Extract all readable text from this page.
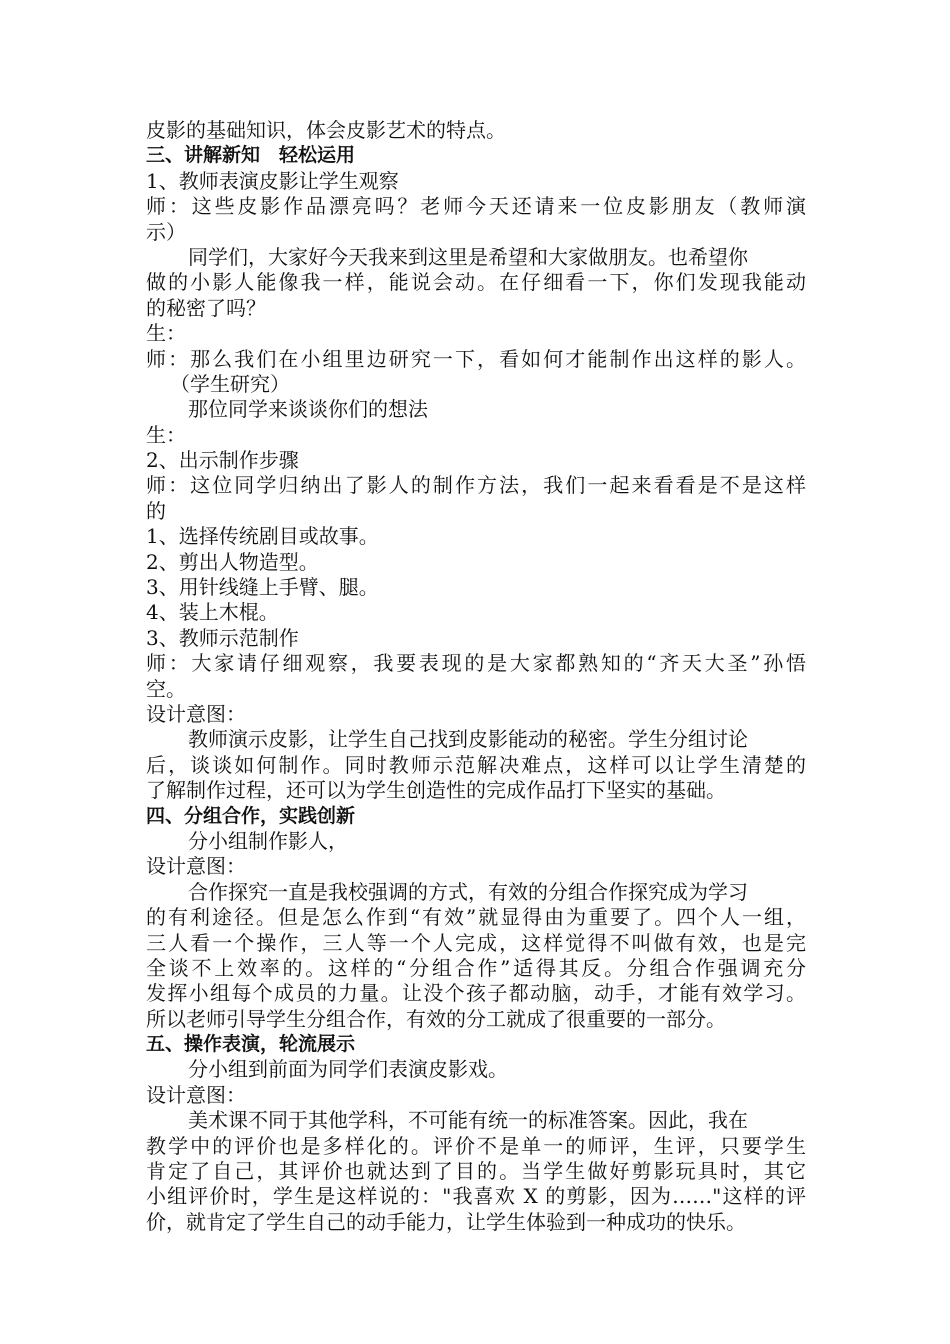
皮影的基础知识，体会皮影艺术的特点。
三、讲解新知　轻松运用
1、教师表演皮影让学生观察
师：这些皮影作品漂亮吗？老师今天还请来一位皮影朋友（教师演
示）
同学们，大家好今天我来到这里是希望和大家做朋友。也希望你
做的小影人能像我一样，能说会动。在仔细看一下，你们发现我能动
的秘密了吗？
生：
师：那么我们在小组里边研究一下，看如何才能制作出这样的影人。
（学生研究）
那位同学来谈谈你们的想法
生：
2、出示制作步骤
师：这位同学归纳出了影人的制作方法，我们一起来看看是不是这样
的
1、选择传统剧目或故事。
2、剪出人物造型。
3、用针线缝上手臂、腿。
4、装上木棍。
3、教师示范制作
师：大家请仔细观察，我要表现的是大家都熟知的“齐天大圣”孙悟
空。
设计意图：
教师演示皮影，让学生自己找到皮影能动的秘密。学生分组讨论
后，谈谈如何制作。同时教师示范解决难点，这样可以让学生清楚的
了解制作过程，还可以为学生创造性的完成作品打下坚实的基础。
四、分组合作，实践创新
分小组制作影人，
设计意图：
合作探究一直是我校强调的方式，有效的分组合作探究成为学习
的有利途径。但是怎么作到“有效”就显得由为重要了。四个人一组，
三人看一个操作，三人等一个人完成，这样觉得不叫做有效，也是完
全谈不上效率的。这样的“分组合作”适得其反。分组合作强调充分
发挥小组每个成员的力量。让没个孩子都动脑，动手，才能有效学习。
所以老师引导学生分组合作，有效的分工就成了很重要的一部分。
五、操作表演，轮流展示
分小组到前面为同学们表演皮影戏。
设计意图：
美术课不同于其他学科，不可能有统一的标准答案。因此，我在
教学中的评价也是多样化的。评价不是单一的师评，生评，只要学生
肯定了自己，其评价也就达到了目的。当学生做好剪影玩具时，其它
小组评价时，学生是这样说的："我喜欢 X 的剪影，因为……"这样的评
价，就肯定了学生自己的动手能力，让学生体验到一种成功的快乐。
